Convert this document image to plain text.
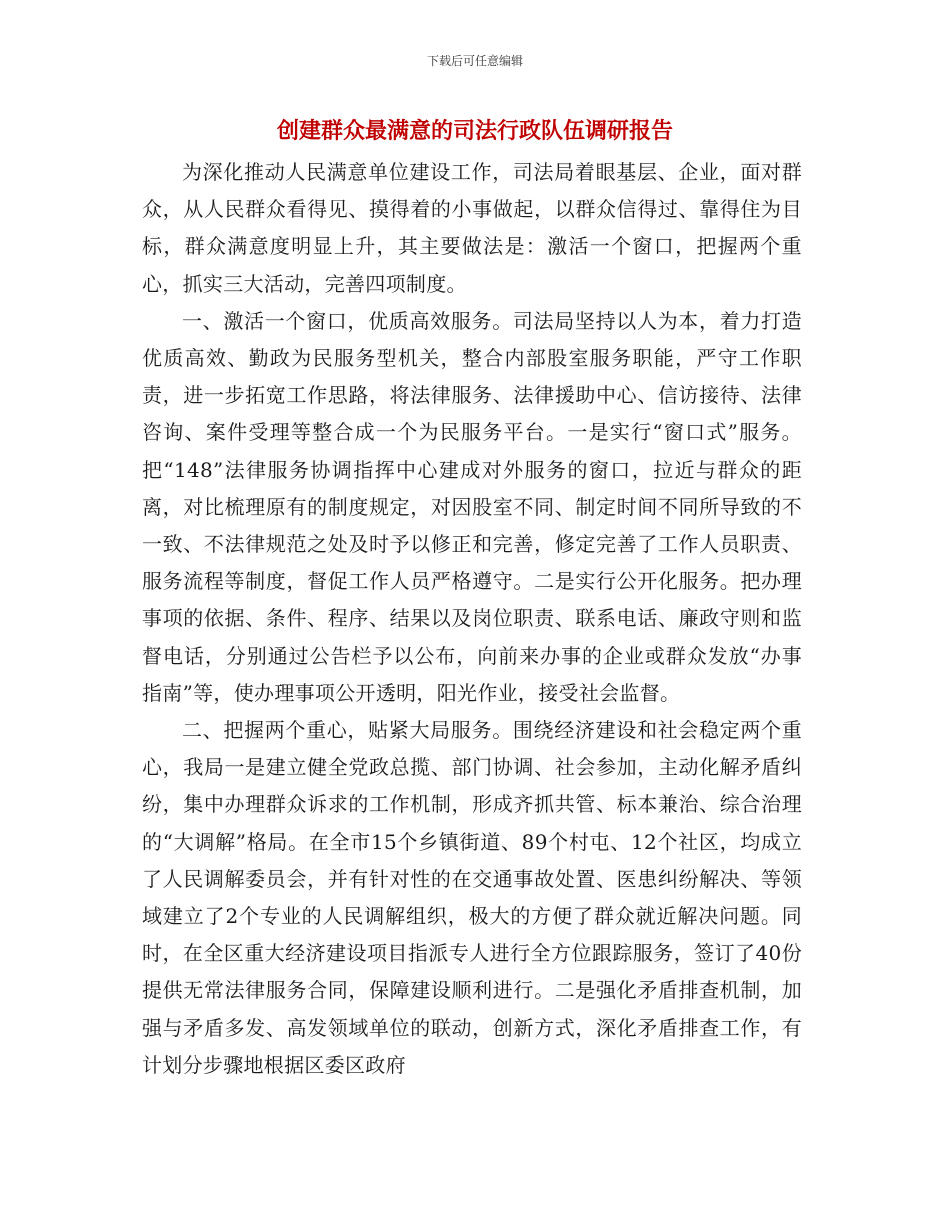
下载后可任意编辑
创建群众最满意的司法行政队伍调研报告

为深化推动人民满意单位建设工作，司法局着眼基层、企业，面对群众，从人民群众看得见、摸得着的小事做起，以群众信得过、靠得住为目标，群众满意度明显上升，其主要做法是：激活一个窗口，把握两个重心，抓实三大活动，完善四项制度。

一、激活一个窗口，优质高效服务。司法局坚持以人为本，着力打造优质高效、勤政为民服务型机关，整合内部股室服务职能，严守工作职责，进一步拓宽工作思路，将法律服务、法律援助中心、信访接待、法律咨询、案件受理等整合成一个为民服务平台。一是实行“窗口式”服务。把“148”法律服务协调指挥中心建成对外服务的窗口，拉近与群众的距离，对比梳理原有的制度规定，对因股室不同、制定时间不同所导致的不一致、不法律规范之处及时予以修正和完善，修定完善了工作人员职责、服务流程等制度，督促工作人员严格遵守。二是实行公开化服务。把办理事项的依据、条件、程序、结果以及岗位职责、联系电话、廉政守则和监督电话，分别通过公告栏予以公布，向前来办事的企业或群众发放“办事指南”等，使办理事项公开透明，阳光作业，接受社会监督。

二、把握两个重心，贴紧大局服务。围绕经济建设和社会稳定两个重心，我局一是建立健全党政总揽、部门协调、社会参加，主动化解矛盾纠纷，集中办理群众诉求的工作机制，形成齐抓共管、标本兼治、综合治理的“大调解”格局。在全市15个乡镇街道、89个村屯、12个社区，均成立了人民调解委员会，并有针对性的在交通事故处置、医患纠纷解决、等领域建立了2个专业的人民调解组织，极大的方便了群众就近解决问题。同时，在全区重大经济建设项目指派专人进行全方位跟踪服务，签订了40份提供无常法律服务合同，保障建设顺利进行。二是强化矛盾排查机制，加强与矛盾多发、高发领域单位的联动，创新方式，深化矛盾排查工作，有计划分步骤地根据区委区政府
